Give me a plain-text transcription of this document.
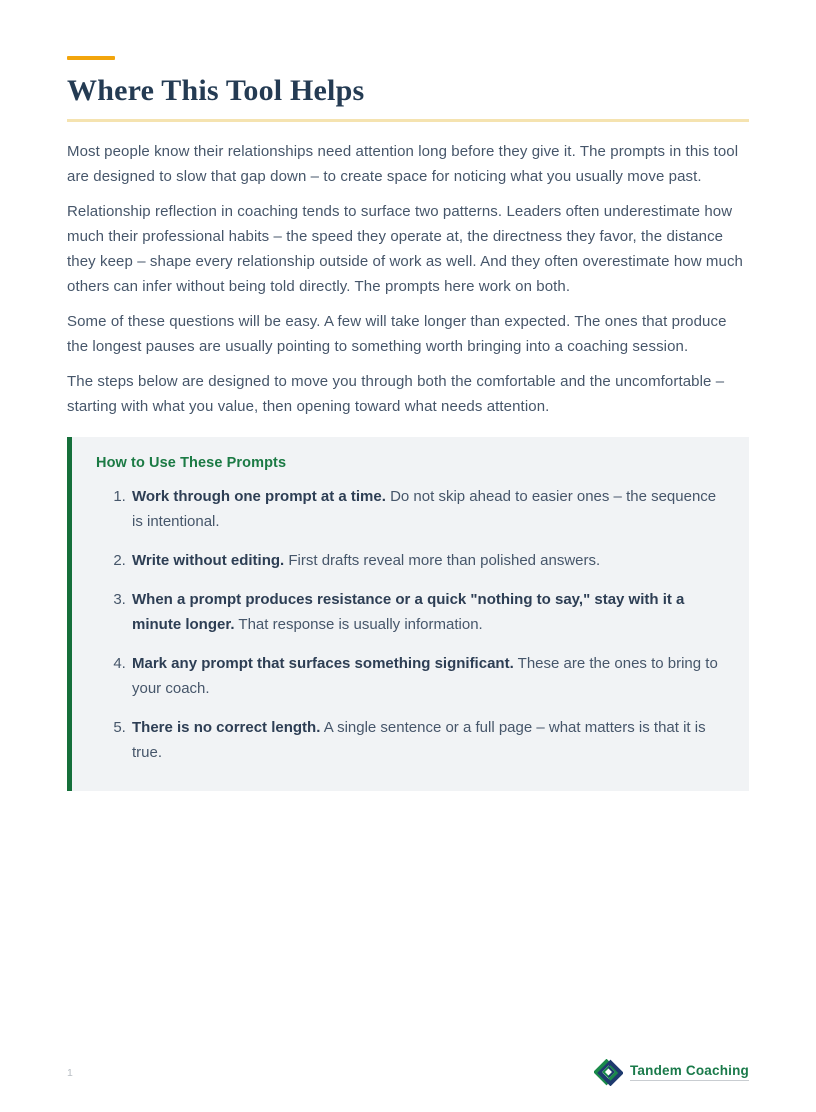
Where This Tool Helps

Most people know their relationships need attention long before they give it. The prompts in this tool are designed to slow that gap down – to create space for noticing what you usually move past.

Relationship reflection in coaching tends to surface two patterns. Leaders often underestimate how much their professional habits – the speed they operate at, the directness they favor, the distance they keep – shape every relationship outside of work as well. And they often overestimate how much others can infer without being told directly. The prompts here work on both.

Some of these questions will be easy. A few will take longer than expected. The ones that produce the longest pauses are usually pointing to something worth bringing into a coaching session.

The steps below are designed to move you through both the comfortable and the uncomfortable – starting with what you value, then opening toward what needs attention.

How to Use These Prompts
1. Work through one prompt at a time. Do not skip ahead to easier ones – the sequence is intentional.
2. Write without editing. First drafts reveal more than polished answers.
3. When a prompt produces resistance or a quick "nothing to say," stay with it a minute longer. That response is usually information.
4. Mark any prompt that surfaces something significant. These are the ones to bring to your coach.
5. There is no correct length. A single sentence or a full page – what matters is that it is true.
1	Tandem Coaching
